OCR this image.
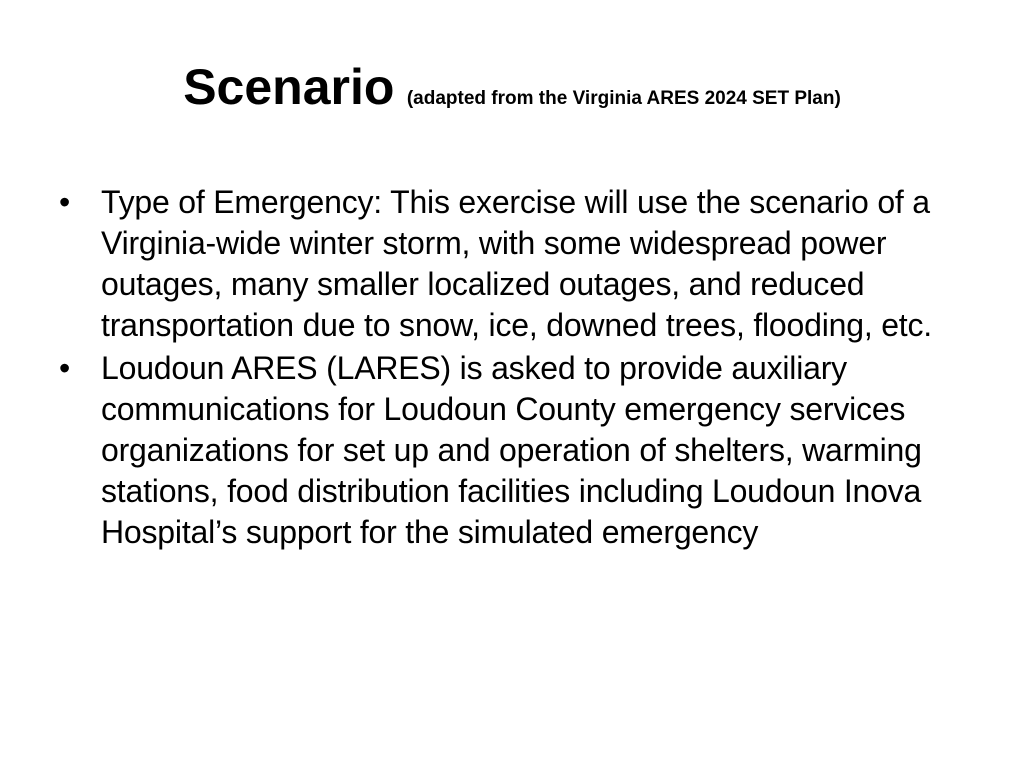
Scenario (adapted from the Virginia ARES 2024 SET Plan)
• Type of Emergency: This exercise will use the scenario of a Virginia-wide winter storm, with some widespread power outages, many smaller localized outages, and reduced transportation due to snow, ice, downed trees, flooding, etc.
• Loudoun ARES (LARES) is asked to provide auxiliary communications for Loudoun County emergency services organizations for set up and operation of shelters, warming stations, food distribution facilities including Loudoun Inova Hospital’s support for the simulated emergency
